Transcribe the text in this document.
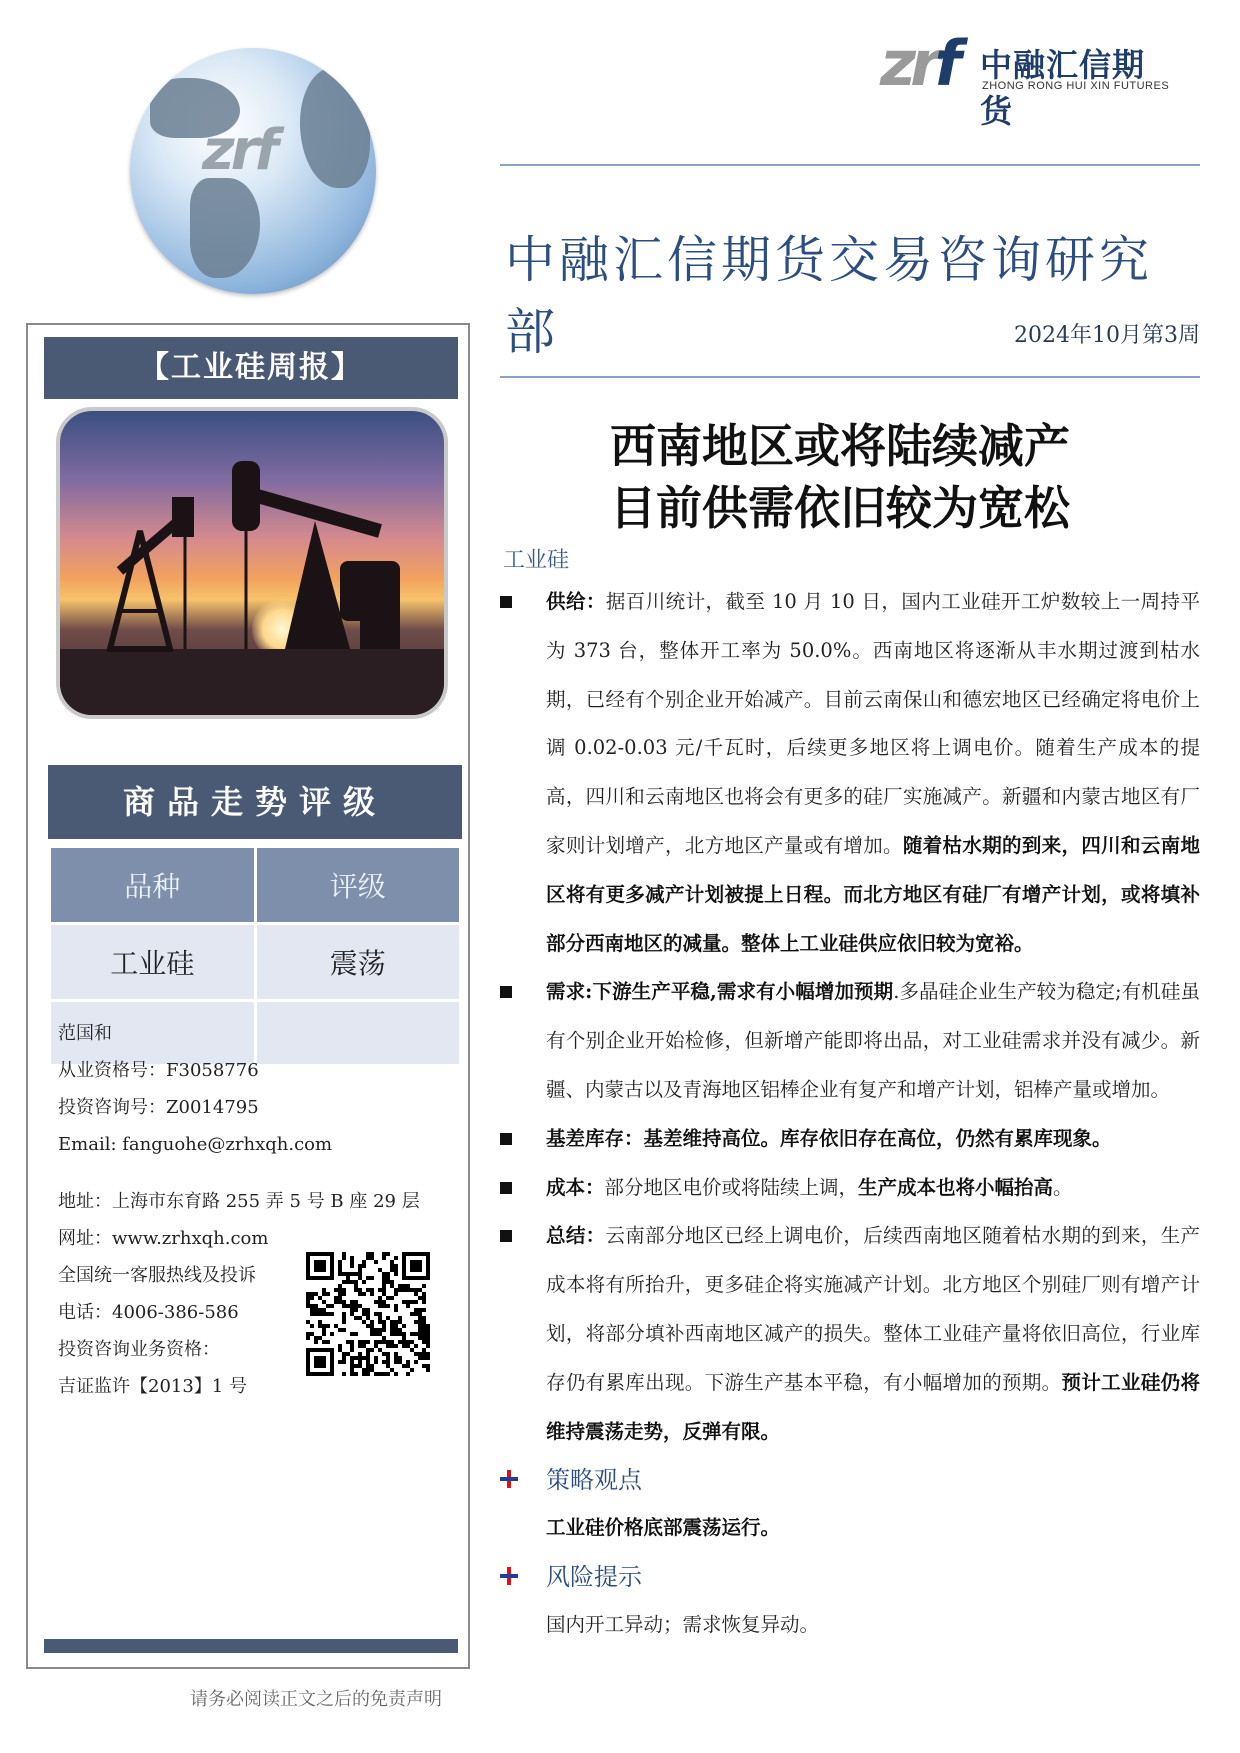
zrf
zrf 中融汇信期货
ZHONG RONG HUI XIN FUTURES
中融汇信期货交易咨询研究部	2024年10月第3周
西南地区或将陆续减产
目前供需依旧较为宽松
工业硅
【工业硅周报】
商品走势评级
品种	评级
工业硅	震荡

范国和
从业资格号：F3058776
投资咨询号：Z0014795
Email: fanguohe@zrhxqh.com
地址：上海市东育路 255 弄 5 号 B 座 29 层
网址：www.zrhxqh.com
全国统一客服热线及投诉
电话：4006-386-586
投资咨询业务资格：
吉证监许【2013】1 号
请务必阅读正文之后的免责声明
供给：据百川统计，截至 10 月 10 日，国内工业硅开工炉数较上一周持平为 373 台，整体开工率为 50.0%。西南地区将逐渐从丰水期过渡到枯水期，已经有个别企业开始减产。目前云南保山和德宏地区已经确定将电价上调 0.02-0.03 元/千瓦时，后续更多地区将上调电价。随着生产成本的提高，四川和云南地区也将会有更多的硅厂实施减产。新疆和内蒙古地区有厂家则计划增产，北方地区产量或有增加。随着枯水期的到来，四川和云南地区将有更多减产计划被提上日程。而北方地区有硅厂有增产计划，或将填补部分西南地区的减量。整体上工业硅供应依旧较为宽裕。
需求:下游生产平稳,需求有小幅增加预期.多晶硅企业生产较为稳定;有机硅虽有个别企业开始检修，但新增产能即将出品，对工业硅需求并没有减少。新疆、内蒙古以及青海地区铝棒企业有复产和增产计划，铝棒产量或增加。
基差库存：基差维持高位。库存依旧存在高位，仍然有累库现象。
成本：部分地区电价或将陆续上调，生产成本也将小幅抬高。
总结：云南部分地区已经上调电价，后续西南地区随着枯水期的到来，生产成本将有所抬升，更多硅企将实施减产计划。北方地区个别硅厂则有增产计划，将部分填补西南地区减产的损失。整体工业硅产量将依旧高位，行业库存仍有累库出现。下游生产基本平稳，有小幅增加的预期。预计工业硅仍将维持震荡走势，反弹有限。
策略观点
工业硅价格底部震荡运行。
风险提示
国内开工异动；需求恢复异动。
